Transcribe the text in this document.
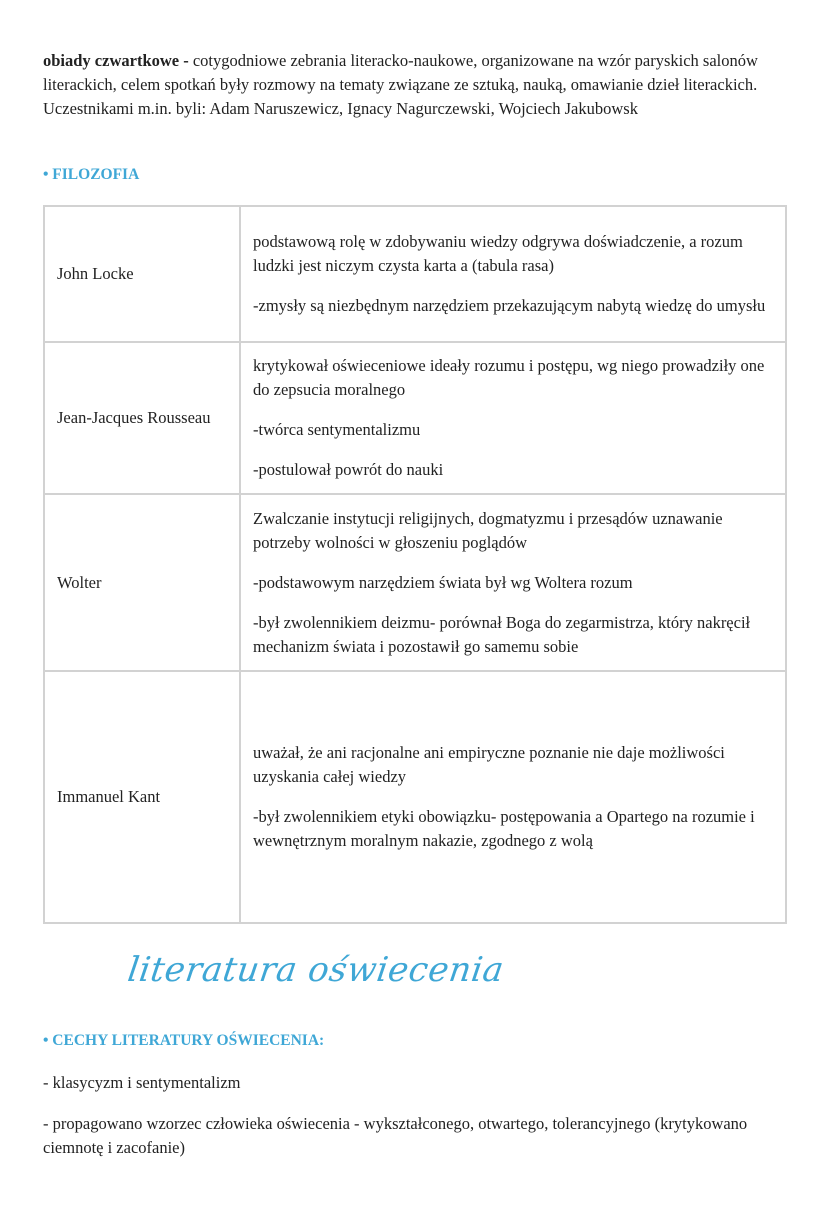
obiady czwartkowe - cotygodniowe zebrania literacko-naukowe, organizowane na wzór paryskich salonów literackich, celem spotkań były rozmowy na tematy związane ze sztuką, nauką, omawianie dzieł literackich. Uczestnikami m.in. byli: Adam Naruszewicz, Ignacy Nagurczewski, Wojciech Jakubowsk
• FILOZOFIA
John Locke	podstawową rolę w zdobywaniu wiedzy odgrywa doświadczenie, a rozum ludzki jest niczym czysta karta a (tabula rasa)

-zmysły są niezbędnym narzędziem przekazującym nabytą wiedzę do umysłu

Jean-Jacques Rousseau	krytykował oświeceniowe ideały rozumu i postępu, wg niego prowadziły one do zepsucia moralnego

-twórca sentymentalizmu

-postulował powrót do nauki

Wolter	Zwalczanie instytucji religijnych, dogmatyzmu i przesądów uznawanie potrzeby wolności w głoszeniu poglądów

-podstawowym narzędziem świata był wg Woltera rozum

-był zwolennikiem deizmu- porównał Boga do zegarmistrza, który nakręcił mechanizm świata i pozostawił go samemu sobie

Immanuel Kant	uważał, że ani racjonalne ani empiryczne poznanie nie daje możliwości uzyskania całej wiedzy

-był zwolennikiem etyki obowiązku- postępowania a Opartego na rozumie i wewnętrznym moralnym nakazie, zgodnego z wolą

literatura oświecenia
• CECHY LITERATURY OŚWIECENIA:
- klasycyzm i sentymentalizm
- propagowano wzorzec człowieka oświecenia - wykształconego, otwartego, tolerancyjnego (krytykowano ciemnotę i zacofanie)
